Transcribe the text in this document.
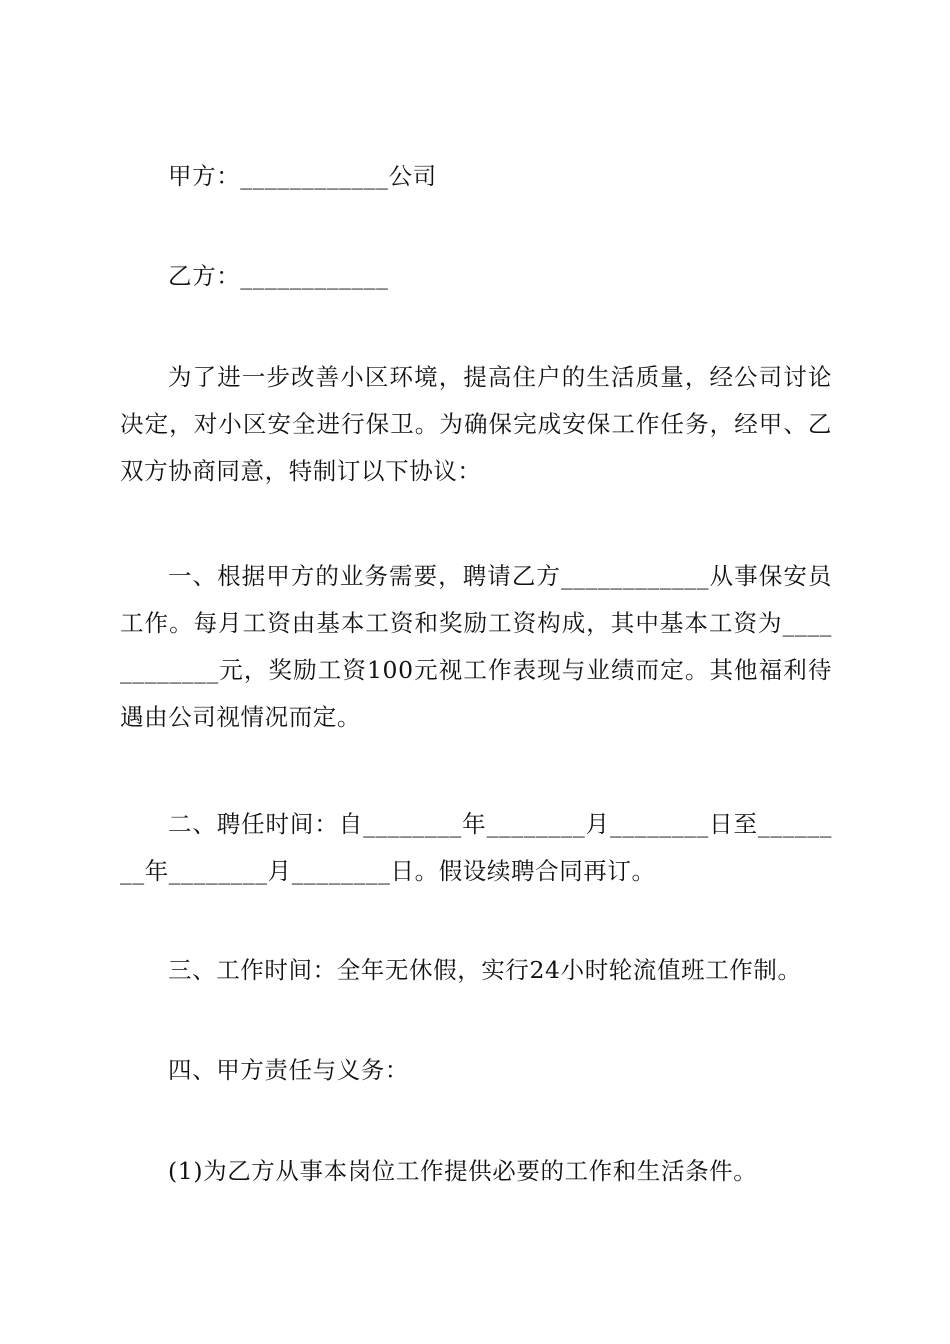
甲方：____________公司

乙方：____________

为了进一步改善小区环境，提高住户的生活质量，经公司讨论决定，对小区安全进行保卫。为确保完成安保工作任务，经甲、乙双方协商同意，特制订以下协议：

一、根据甲方的业务需要，聘请乙方____________从事保安员工作。每月工资由基本工资和奖励工资构成，其中基本工资为____________元，奖励工资100元视工作表现与业绩而定。其他福利待遇由公司视情况而定。

二、聘任时间：自________年________月________日至________年________月________日。假设续聘合同再订。

三、工作时间：全年无休假，实行24小时轮流值班工作制。

四、甲方责任与义务：

(1)为乙方从事本岗位工作提供必要的工作和生活条件。
